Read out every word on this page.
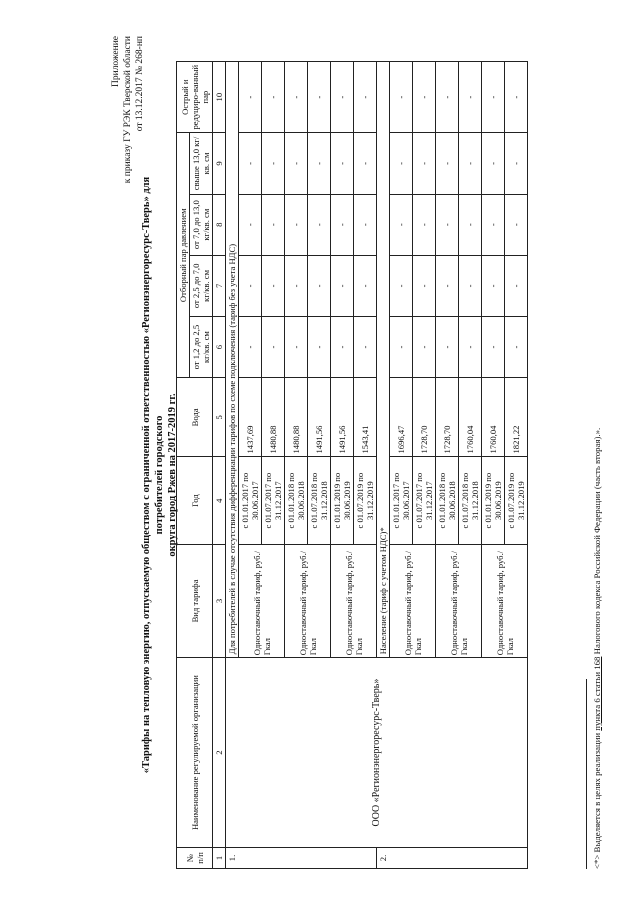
Приложение к приказу ГУ РЭК Тверской области от 13.12.2017 № 268-нп
«Тарифы на тепловую энергию, отпускаемую обществом с ограниченной ответственностью «Регионэнергоресурс-Тверь» для потребителей городского округа город Ржев на 2017-2019 гг.
№ п/п	Наименование регулируемой организации	Вид тарифа	Год	Вода	Отборный пар давлением				Острый и редуциро-ванный пар
					от 1,2 до 2,5 кг/кв. см	от 2,5 до 7,0 кг/кв. см	от 7,0 до 13,0 кг/кв. см	свыше 13,0 кг/кв. см	
1	2	3	4	5	6	7	8	9	10
1.	ООО «Регионэнергоресурс-Тверь»	Для потребителей в случае отсутствия дифференциации тарифов по схеме подключения (тариф без учета НДС)							
		Одноставочный тариф, руб./Гкал	с 01.01.2017 по 30.06.2017	1437,69	-	-	-	-	-
			с 01.07.2017 по 31.12.2017	1480,88	-	-	-	-	-
		Одноставочный тариф, руб./Гкал	с 01.01.2018 по 30.06.2018	1480,88	-	-	-	-	-
			с 01.07.2018 по 31.12.2018	1491,56	-	-	-	-	-
		Одноставочный тариф, руб./Гкал	с 01.01.2019 по 30.06.2019	1491,56	-	-	-	-	-
			с 01.07.2019 по 31.12.2019	1543,41	-	-	-	-	-
2.		Население (тариф с учетом НДС)*							
		Одноставочный тариф, руб./Гкал	с 01.01.2017 по 30.06.2017	1696,47	-	-	-	-	-
			с 01.07.2017 по 31.12.2017	1728,70	-	-	-	-	-
		Одноставочный тариф, руб./Гкал	с 01.01.2018 по 30.06.2018	1728,70	-	-	-	-	-
			с 01.07.2018 по 31.12.2018	1760,04	-	-	-	-	-
		Одноставочный тариф, руб./Гкал	с 01.01.2019 по 30.06.2019	1760,04	-	-	-	-	-
			с 01.07.2019 по 31.12.2019	1821,22	-	-	-	-	-
<*> Выделяется в целях реализации пункта 6 статьи 168 Налогового кодекса Российской Федерации (часть вторая).».
